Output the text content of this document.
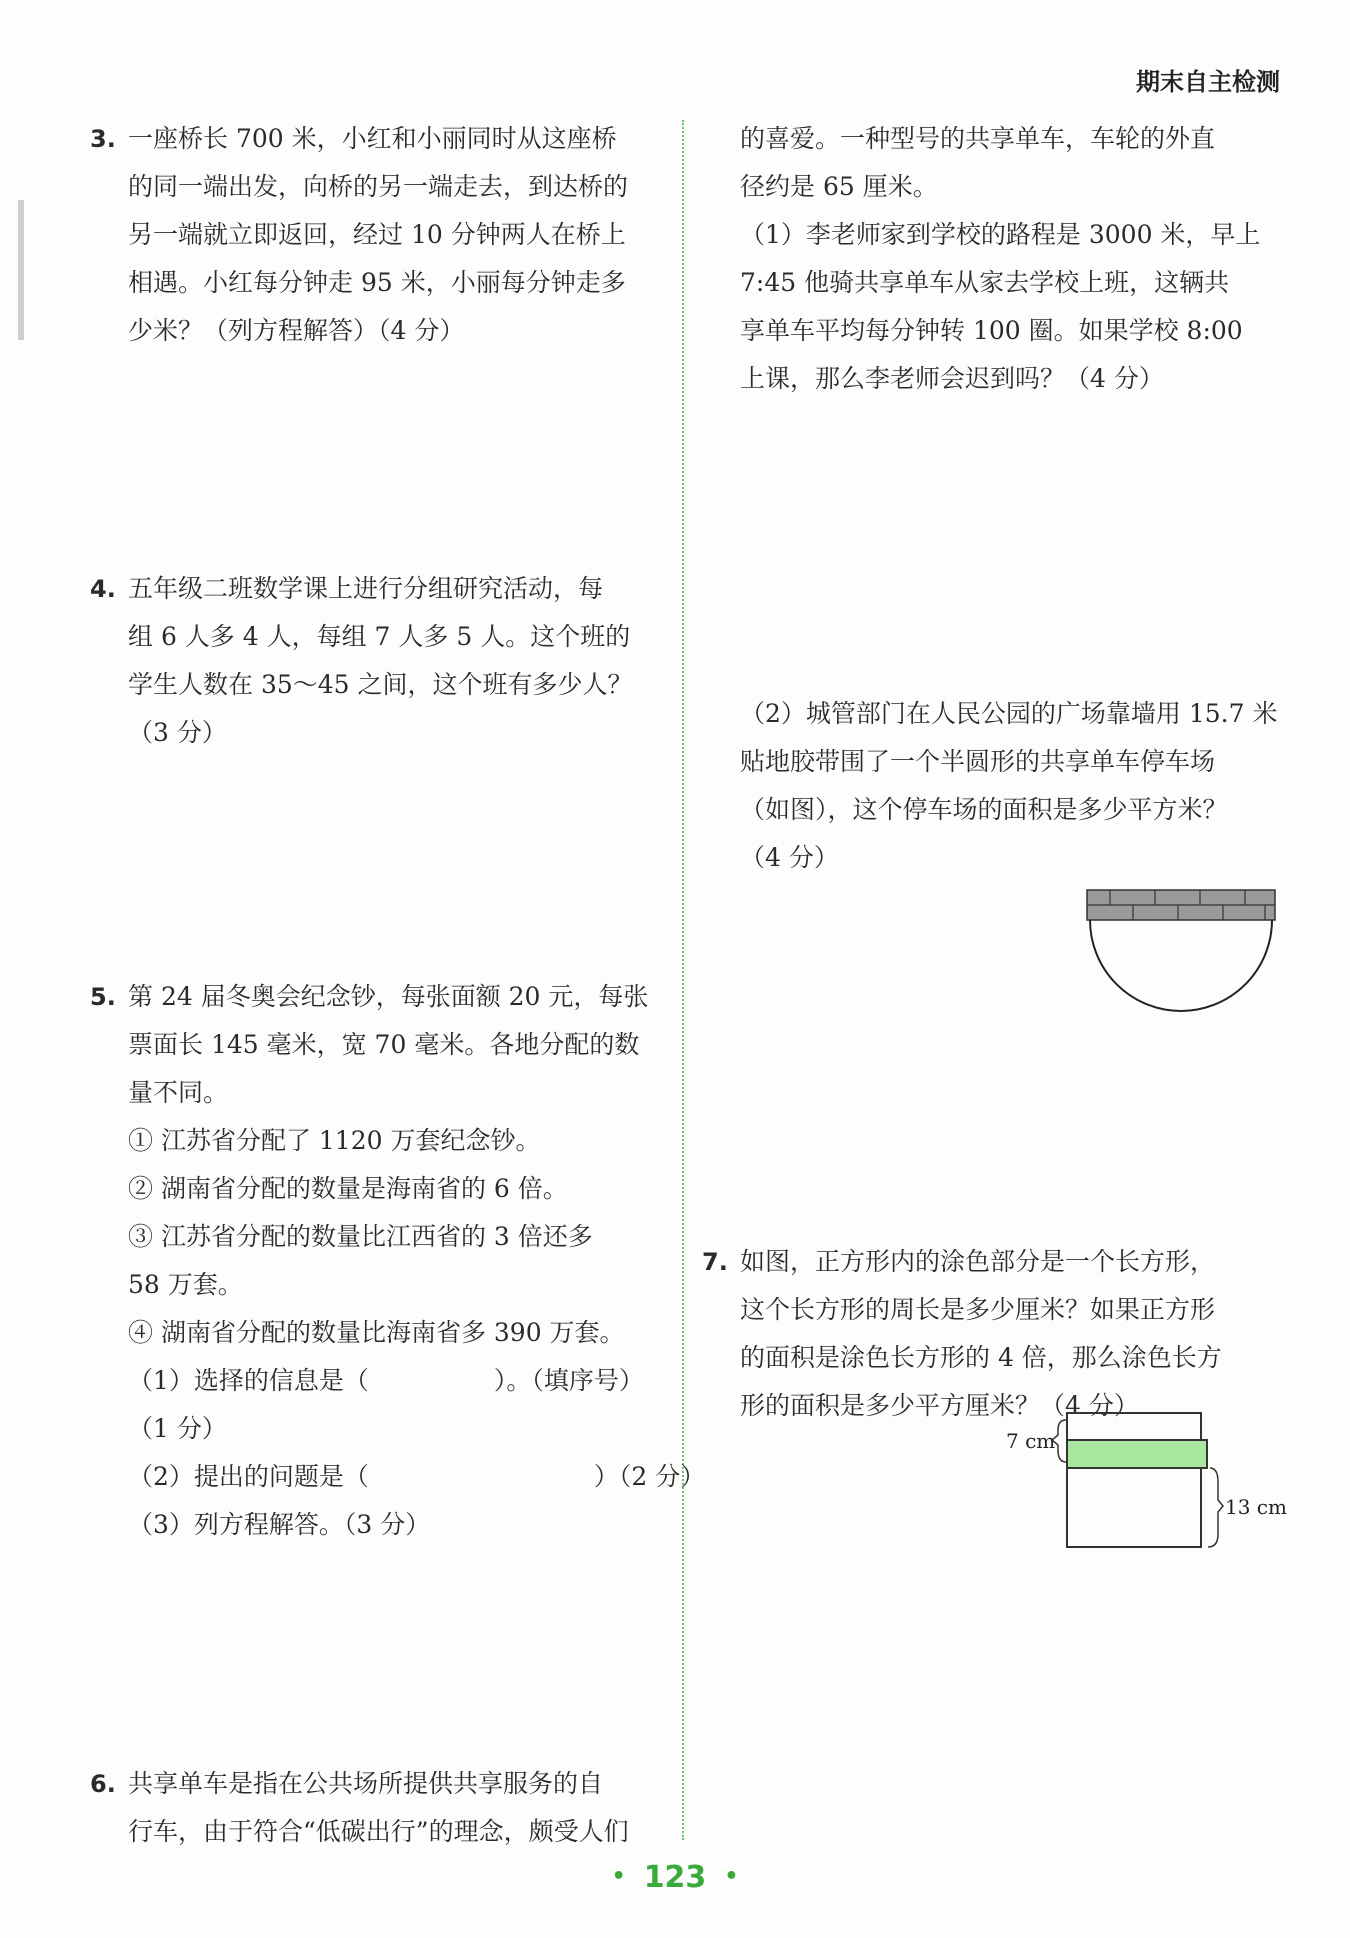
期末自主检测
3. 一座桥长 700 米，小红和小丽同时从这座桥
的同一端出发，向桥的另一端走去，到达桥的
另一端就立即返回，经过 10 分钟两人在桥上
相遇。小红每分钟走 95 米，小丽每分钟走多
少米？（列方程解答）（4 分）
4. 五年级二班数学课上进行分组研究活动，每
组 6 人多 4 人，每组 7 人多 5 人。这个班的
学生人数在 35～45 之间，这个班有多少人？
（3 分）
5. 第 24 届冬奥会纪念钞，每张面额 20 元，每张
票面长 145 毫米，宽 70 毫米。各地分配的数
量不同。
① 江苏省分配了 1120 万套纪念钞。
② 湖南省分配的数量是海南省的 6 倍。
③ 江苏省分配的数量比江西省的 3 倍还多
58 万套。
④ 湖南省分配的数量比海南省多 390 万套。
（1）选择的信息是（　　　　　）。（填序号）
（1 分）
（2）提出的问题是（　　　　　　　　　）（2 分）
（3）列方程解答。（3 分）
6. 共享单车是指在公共场所提供共享服务的自
行车，由于符合“低碳出行”的理念，颇受人们
的喜爱。一种型号的共享单车，车轮的外直
径约是 65 厘米。
（1）李老师家到学校的路程是 3000 米，早上
7:45 他骑共享单车从家去学校上班，这辆共
享单车平均每分钟转 100 圈。如果学校 8:00
上课，那么李老师会迟到吗？（4 分）
（2）城管部门在人民公园的广场靠墙用 15.7 米
贴地胶带围了一个半圆形的共享单车停车场
（如图），这个停车场的面积是多少平方米？
（4 分）
7. 如图，正方形内的涂色部分是一个长方形，
这个长方形的周长是多少厘米？如果正方形
的面积是涂色长方形的 4 倍，那么涂色长方
形的面积是多少平方厘米？（4 分）
7 cm
13 cm
• 123 •
